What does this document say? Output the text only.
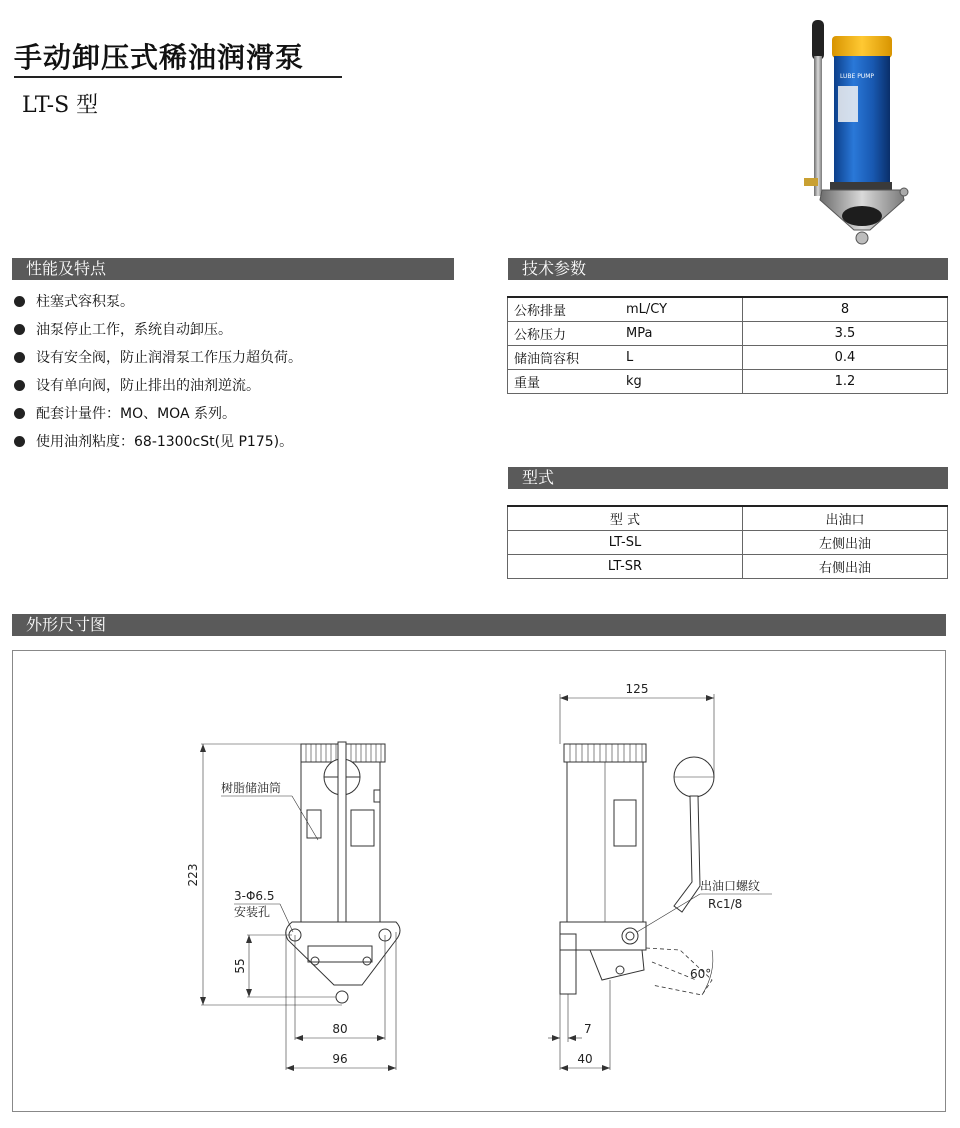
手动卸压式稀油润滑泵
LT-S 型
LUBE PUMP
性能及特点
柱塞式容积泵。
油泵停止工作，系统自动卸压。
设有安全阀，防止润滑泵工作压力超负荷。
设有单向阀，防止排出的油剂逆流。
配套计量件：MO、MOA 系列。
使用油剂粘度：68-1300cSt(见 P175)。
技术参数
公称排量	mL/CY	8
公称压力	MPa	3.5
储油筒容积	L	0.4
重量	kg	1.2
型式
型 式	出油口
LT-SL	左侧出油
LT-SR	右侧出油
外形尺寸图
223
55
80
96
树脂储油筒
3-Φ6.5
安装孔
60°
出油口螺纹
Rc1/8
125
7
40
